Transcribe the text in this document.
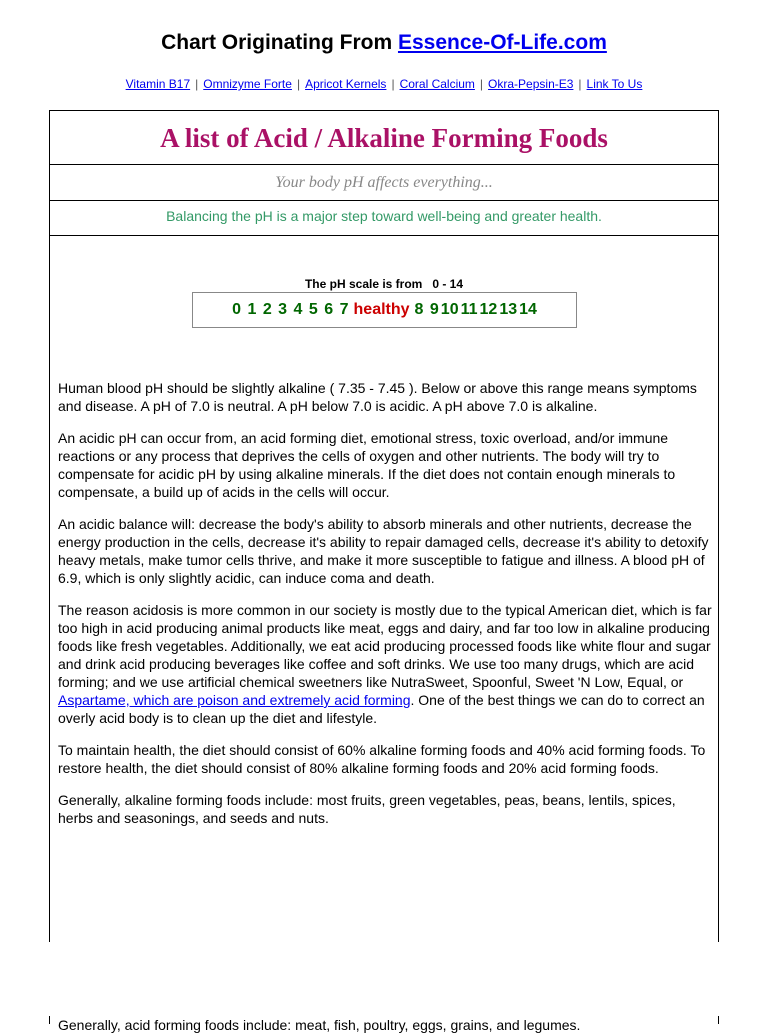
Chart Originating From Essence-Of-Life.com
Vitamin B17 | Omnizyme Forte | Apricot Kernels | Coral Calcium | Okra-Pepsin-E3 | Link To Us
A list of Acid / Alkaline Forming Foods
Your body pH affects everything...
Balancing the pH is a major step toward well-being and greater health.
The pH scale is from   0 - 14
0 1 2 3 4 5 6 7 healthy 8 9 10 11 12 13 14

Human blood pH should be slightly alkaline ( 7.35 - 7.45 ). Below or above this range means symptoms and disease. A pH of 7.0 is neutral. A pH below 7.0 is acidic. A pH above 7.0 is alkaline.

An acidic pH can occur from, an acid forming diet, emotional stress, toxic overload, and/or immune reactions or any process that deprives the cells of oxygen and other nutrients. The body will try to compensate for acidic pH by using alkaline minerals. If the diet does not contain enough minerals to compensate, a build up of acids in the cells will occur.

An acidic balance will: decrease the body's ability to absorb minerals and other nutrients, decrease the energy production in the cells, decrease it's ability to repair damaged cells, decrease it's ability to detoxify heavy metals, make tumor cells thrive, and make it more susceptible to fatigue and illness. A blood pH of 6.9, which is only slightly acidic, can induce coma and death.

The reason acidosis is more common in our society is mostly due to the typical American diet, which is far too high in acid producing animal products like meat, eggs and dairy, and far too low in alkaline producing foods like fresh vegetables. Additionally, we eat acid producing processed foods like white flour and sugar and drink acid producing beverages like coffee and soft drinks. We use too many drugs, which are acid forming; and we use artificial chemical sweetners like NutraSweet, Spoonful, Sweet 'N Low, Equal, or Aspartame, which are poison and extremely acid forming. One of the best things we can do to correct an overly acid body is to clean up the diet and lifestyle.

To maintain health, the diet should consist of 60% alkaline forming foods and 40% acid forming foods. To restore health, the diet should consist of 80% alkaline forming foods and 20% acid forming foods.

Generally, alkaline forming foods include: most fruits, green vegetables, peas, beans, lentils, spices, herbs and seasonings, and seeds and nuts.

Generally, acid forming foods include: meat, fish, poultry, eggs, grains, and legumes.
